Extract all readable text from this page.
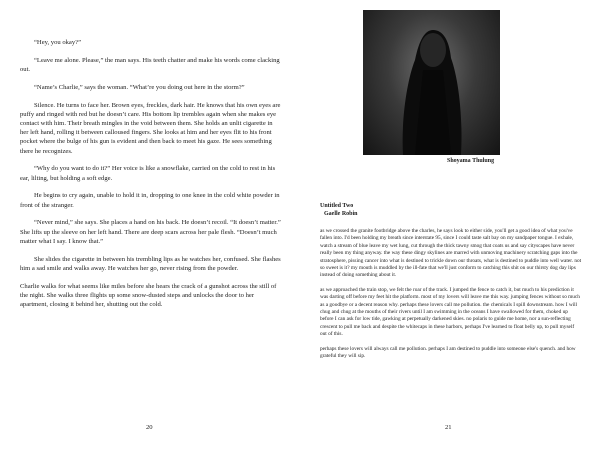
“Hey, you okay?”

“Leave me alone. Please,” the man says. His teeth chatter and make his words come clacking out.

“Name’s Charlie,” says the woman. “What’re you doing out here in the storm?”

Silence. He turns to face her. Brown eyes, freckles, dark hair. He knows that his own eyes are puffy and ringed with red but he doesn’t care. His bottom lip trembles again when she makes eye contact with him. Their breath mingles in the void between them. She holds an unlit cigarette in her left hand, rolling it between calloused fingers. She looks at him and her eyes flit to his front pocket where the bulge of his gun is evident and then back to meet his gaze. He sees something there he recognizes.

“Why do you want to do it?” Her voice is like a snowflake, carried on the cold to rest in his ear, lilting, but holding a soft edge.

He begins to cry again, unable to hold it in, dropping to one knee in the cold white powder in front of the stranger.

“Never mind,” she says. She places a hand on his back. He doesn’t recoil. “It doesn’t matter.” She lifts up the sleeve on her left hand. There are deep scars across her pale flesh. “Doesn’t much matter what I say. I know that.”

She slides the cigarette in between his trembling lips as he watches her, confused. She flashes him a sad smile and walks away. He watches her go, never rising from the powder.

Charlie walks for what seems like miles before she hears the crack of a gunshot across the still of the night. She walks three flights up some snow-dusted steps and unlocks the door to her apartment, closing it behind her, shutting out the cold.

20
Shoyama Thulung
Untitled Two
Gaelle Robin

as we crossed the granite footbridge above the charles, he says look to either side, you'll get a good idea of what you've fallen into. I'd been holding my breath since interstate 95, since I could taste salt bay on my sandpaper tongue. I exhale, watch a stream of blue leave my wet lung, cut through the thick tawny smog that coats us and say cityscapes have never really been my thing anyway. the way these dingy skylines are marred with unmoving machinery scratching gaps into the stratosphere, pissing cancer into what is destined to trickle down our throats, what is destined to puddle into well water. not so sweet is it? my mouth is muddled by the ill-fate that we'll just conform to catching this shit on our thirsty dog day lips instead of doing something about it.

as we approached the train stop, we felt the roar of the track. I jumped the fence to catch it, but much to his prediction it was darting off before my feet hit the platform. most of my lovers will leave me this way. jumping fences without so much as a goodbye or a decent reason why. perhaps these lovers call me pollution. the chemicals I spill downstream. how I will chug and chug at the mouths of their rivers until I am swimming in the oceans I have swallowed for them, choked up before I can ask for low tide, gawking at perpetually darkened skies. no polaris to guide me home, nor a sun-reflecting crescent to pull me back and despite the whitecaps in these harbors, perhaps I've learned to float belly up, to pull myself out of this.

perhaps these lovers will always call me pollution. perhaps I am destined to puddle into someone else's quench. and how grateful they will sip.

21
